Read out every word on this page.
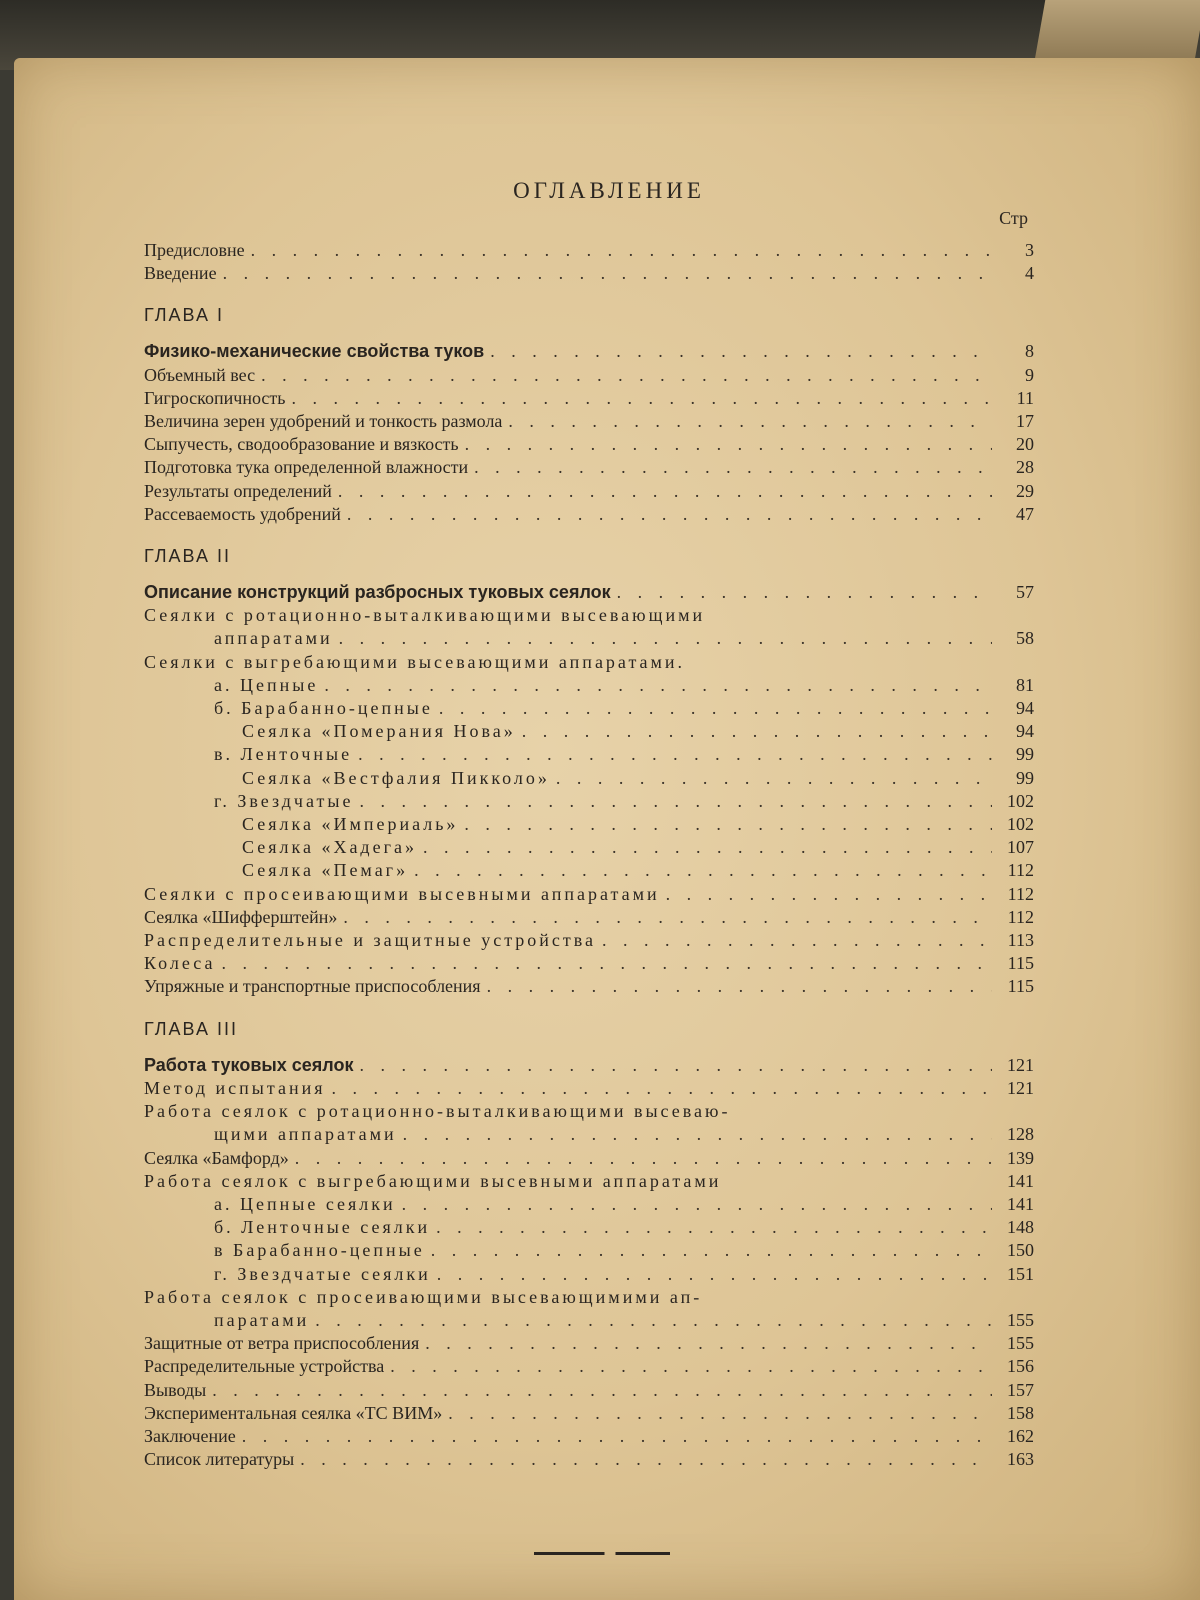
ОГЛАВЛЕНИЕ
Стр
Предисловне . . .	3
Введение . . .	4
ГЛАВА I
Физико-механические свойства туков . . .	8
Объемный вес . . .	9
Гигроскопичность . . .	11
Величина зерен удобрений и тонкость размола . . .	17
Сыпучесть, сводообразование и вязкость . . .	20
Подготовка тука определенной влажности . . .	28
Результаты определений . . .	29
Рассеваемость удобрений . . .	47
ГЛАВА II
Описание конструкций разбросных туковых сеялок . . .	57
Сеялки с ротационно-выталкивающими высевающими
аппаратами . . .	58
Сеялки с выгребающими высевающими аппаратами.
а. Цепные . . .	81
б. Барабанно-цепные . . .	94
Сеялка «Померания Нова» . . .	94
в. Ленточные . . .	99
Сеялка «Вестфалия Пикколо» . . .	99
г. Звездчатые . . .	102
Сеялка «Империаль» . . .	102
Сеялка «Хадега» . . .	107
Сеялка «Пемаг» . . .	112
Сеялки с просеивающими высевными аппаратами . . .	112
Сеялка «Шифферштейн» . . .	112
Распределительные и защитные устройства . . .	113
Колеса . . .	115
Упряжные и транспортные приспособления . . .	115
ГЛАВА III
Работа туковых сеялок . . .	121
Метод испытания . . .	121
Работа сеялок с ротационно-выталкивающими высеваю-
щими аппаратами . . .	128
Сеялка «Бамфорд» . . .	139
Работа сеялок с выгребающими высевными аппаратами	141
а. Цепные сеялки . . .	141
б. Ленточные сеялки . . .	148
в Барабанно-цепные . . .	150
г. Звездчатые сеялки . . .	151
Работа сеялок с просеивающими высевающимими ап-
паратами . . .	155
Защитные от ветра приспособления . . .	155
Распределительные устройства . . .	156
Выводы . . .	157
Экспериментальная сеялка «ТС ВИМ» . . .	158
Заключение . . .	162
Список литературы . . .	163
